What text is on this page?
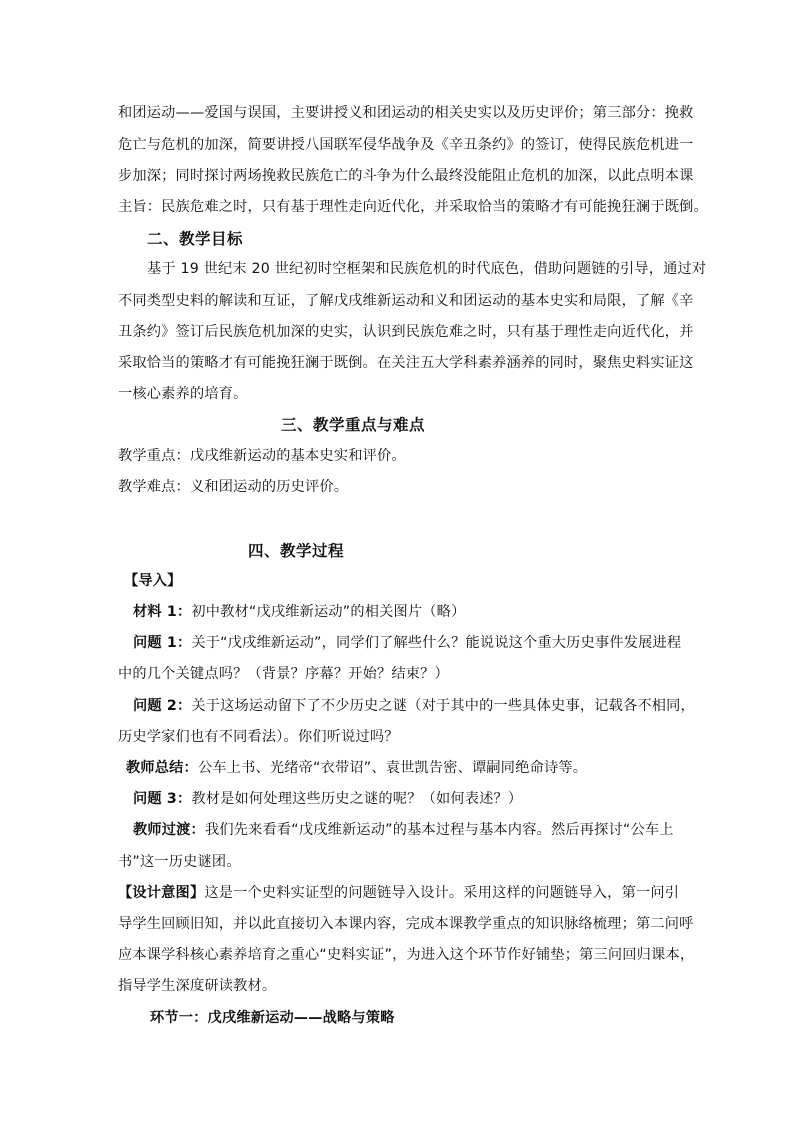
和团运动——爱国与误国，主要讲授义和团运动的相关史实以及历史评价；第三部分：挽救
危亡与危机的加深，简要讲授八国联军侵华战争及《辛丑条约》的签订，使得民族危机进一
步加深；同时探讨两场挽救民族危亡的斗争为什么最终没能阻止危机的加深，以此点明本课
主旨：民族危难之时，只有基于理性走向近代化，并采取恰当的策略才有可能挽狂澜于既倒。
二、教学目标
基于 19 世纪末 20 世纪初时空框架和民族危机的时代底色，借助问题链的引导，通过对
不同类型史料的解读和互证，了解戊戌维新运动和义和团运动的基本史实和局限，了解《辛
丑条约》签订后民族危机加深的史实，认识到民族危难之时，只有基于理性走向近代化，并
采取恰当的策略才有可能挽狂澜于既倒。在关注五大学科素养涵养的同时，聚焦史料实证这
一核心素养的培育。
三、教学重点与难点
教学重点：戊戌维新运动的基本史实和评价。
教学难点：义和团运动的历史评价。
四、教学过程
【导入】
材料 1：初中教材“戊戌维新运动”的相关图片（略）
问题 1：关于“戊戌维新运动”，同学们了解些什么？能说说这个重大历史事件发展进程
中的几个关键点吗？（背景？序幕？开始？结束？）
问题 2：关于这场运动留下了不少历史之谜（对于其中的一些具体史事，记载各不相同，
历史学家们也有不同看法）。你们听说过吗？
教师总结：公车上书、光绪帝“衣带诏”、袁世凯告密、谭嗣同绝命诗等。
问题 3：教材是如何处理这些历史之谜的呢？（如何表述？）
教师过渡：我们先来看看“戊戌维新运动”的基本过程与基本内容。然后再探讨“公车上
书”这一历史谜团。
【设计意图】这是一个史料实证型的问题链导入设计。采用这样的问题链导入，第一问引
导学生回顾旧知，并以此直接切入本课内容，完成本课教学重点的知识脉络梳理；第二问呼
应本课学科核心素养培育之重心“史料实证”，为进入这个环节作好铺垫；第三问回归课本，
指导学生深度研读教材。
环节一：戊戌维新运动——战略与策略
